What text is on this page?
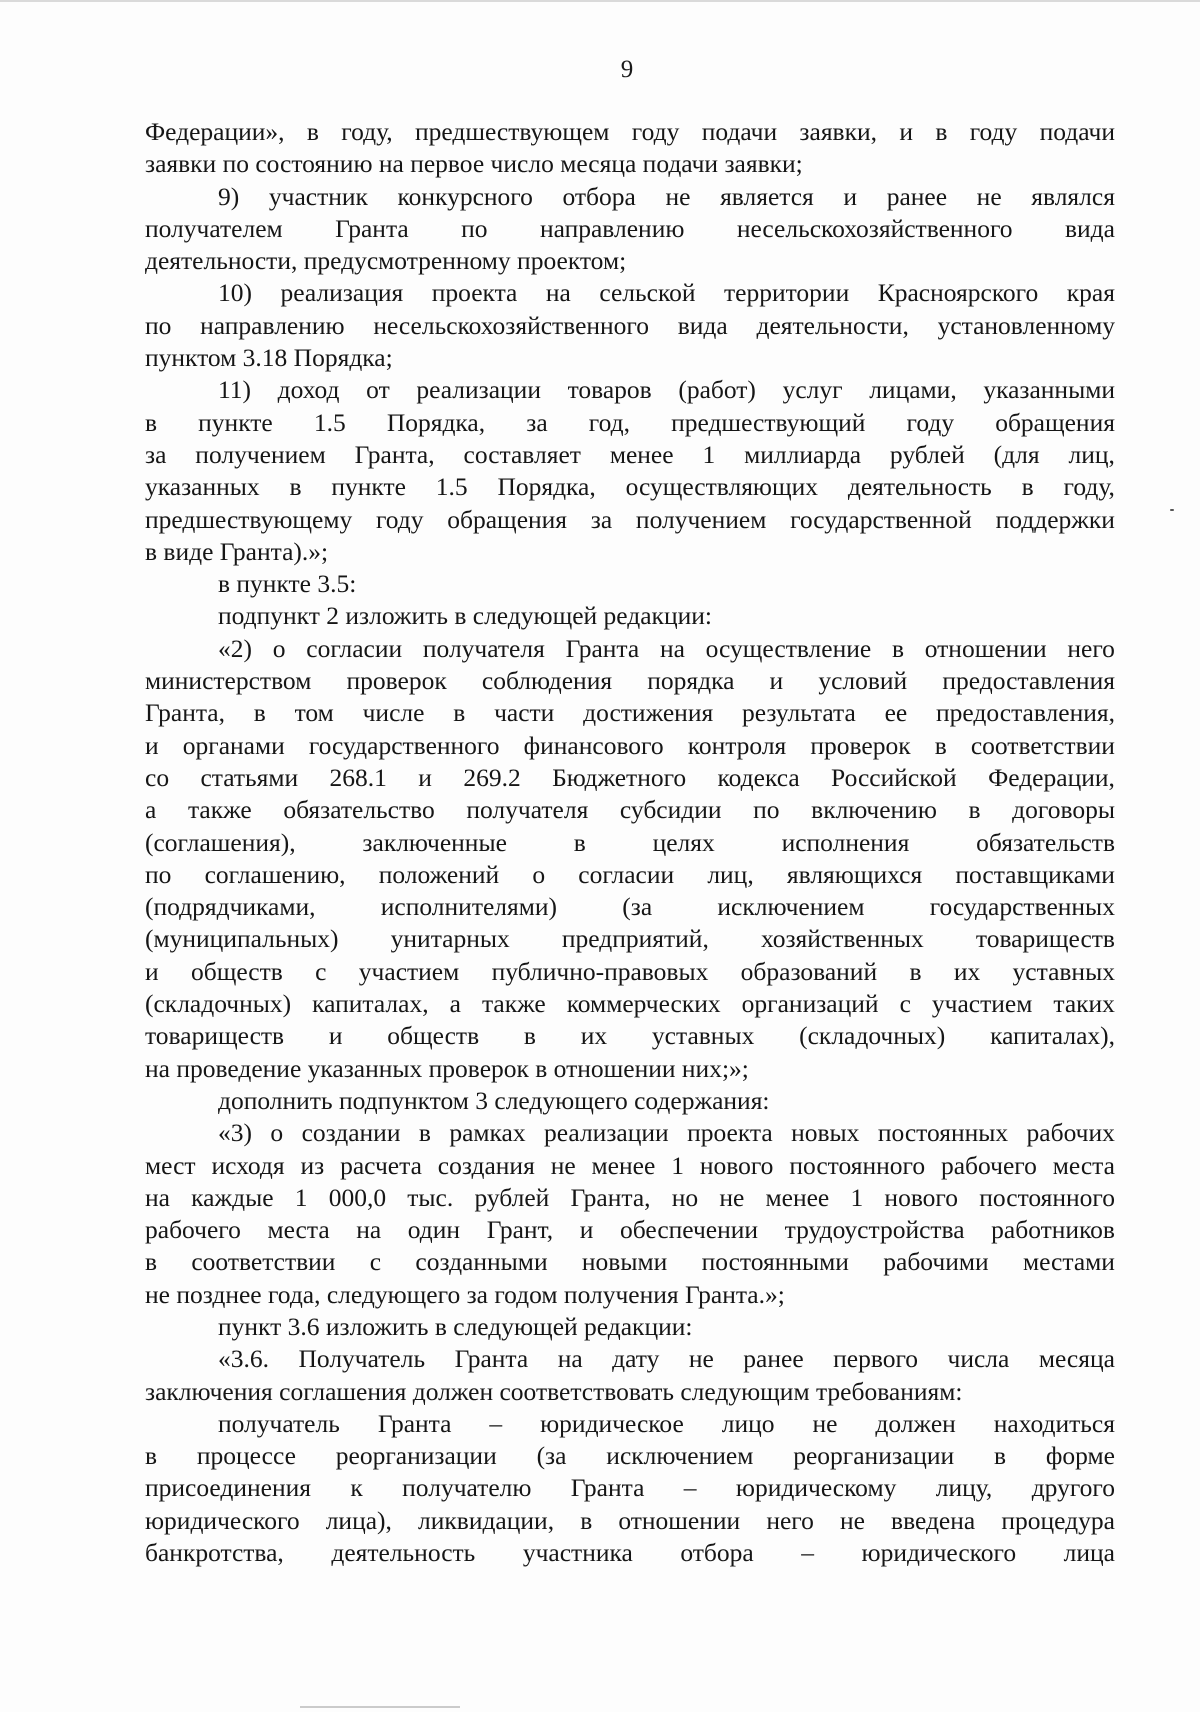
9
Федерации», в году, предшествующем году подачи заявки, и в году подачи
заявки по состоянию на первое число месяца подачи заявки;
9) участник конкурсного отбора не является и ранее не являлся
получателем Гранта по направлению несельскохозяйственного вида
деятельности, предусмотренному проектом;
10) реализация проекта на сельской территории Красноярского края
по направлению несельскохозяйственного вида деятельности, установленному
пунктом 3.18 Порядка;
11) доход от реализации товаров (работ) услуг лицами, указанными
в пункте 1.5 Порядка, за год, предшествующий году обращения
за получением Гранта, составляет менее 1 миллиарда рублей (для лиц,
указанных в пункте 1.5 Порядка, осуществляющих деятельность в году,
предшествующему году обращения за получением государственной поддержки
в виде Гранта).»;
в пункте 3.5:
подпункт 2 изложить в следующей редакции:
«2) о согласии получателя Гранта на осуществление в отношении него
министерством проверок соблюдения порядка и условий предоставления
Гранта, в том числе в части достижения результата ее предоставления,
и органами государственного финансового контроля проверок в соответствии
со статьями 268.1 и 269.2 Бюджетного кодекса Российской Федерации,
а также обязательство получателя субсидии по включению в договоры
(соглашения),	заключенные	в	целях	исполнения	обязательств
по соглашению, положений о согласии лиц, являющихся поставщиками
(подрядчиками,	исполнителями)	(за	исключением	государственных
(муниципальных) унитарных предприятий, хозяйственных товариществ
и обществ с участием публично-правовых образований в их уставных
(складочных) капиталах, а также коммерческих организаций с участием таких
товариществ и обществ в их уставных (складочных) капиталах),
на проведение указанных проверок в отношении них;»;
дополнить подпунктом 3 следующего содержания:
«3) о создании в рамках реализации проекта новых постоянных рабочих
мест исходя из расчета создания не менее 1 нового постоянного рабочего места
на каждые 1 000,0 тыс. рублей Гранта, но не менее 1 нового постоянного
рабочего места на один Грант, и обеспечении трудоустройства работников
в соответствии с созданными новыми постоянными рабочими местами
не позднее года, следующего за годом получения Гранта.»;
пункт 3.6 изложить в следующей редакции:
«3.6. Получатель Гранта на дату не ранее первого числа месяца
заключения соглашения должен соответствовать следующим требованиям:
получатель Гранта – юридическое лицо не должен находиться
в процессе реорганизации (за исключением реорганизации в форме
присоединения к получателю Гранта – юридическому лицу, другого
юридического лица), ликвидации, в отношении него не введена процедура
банкротства, деятельность участника отбора – юридического лица
